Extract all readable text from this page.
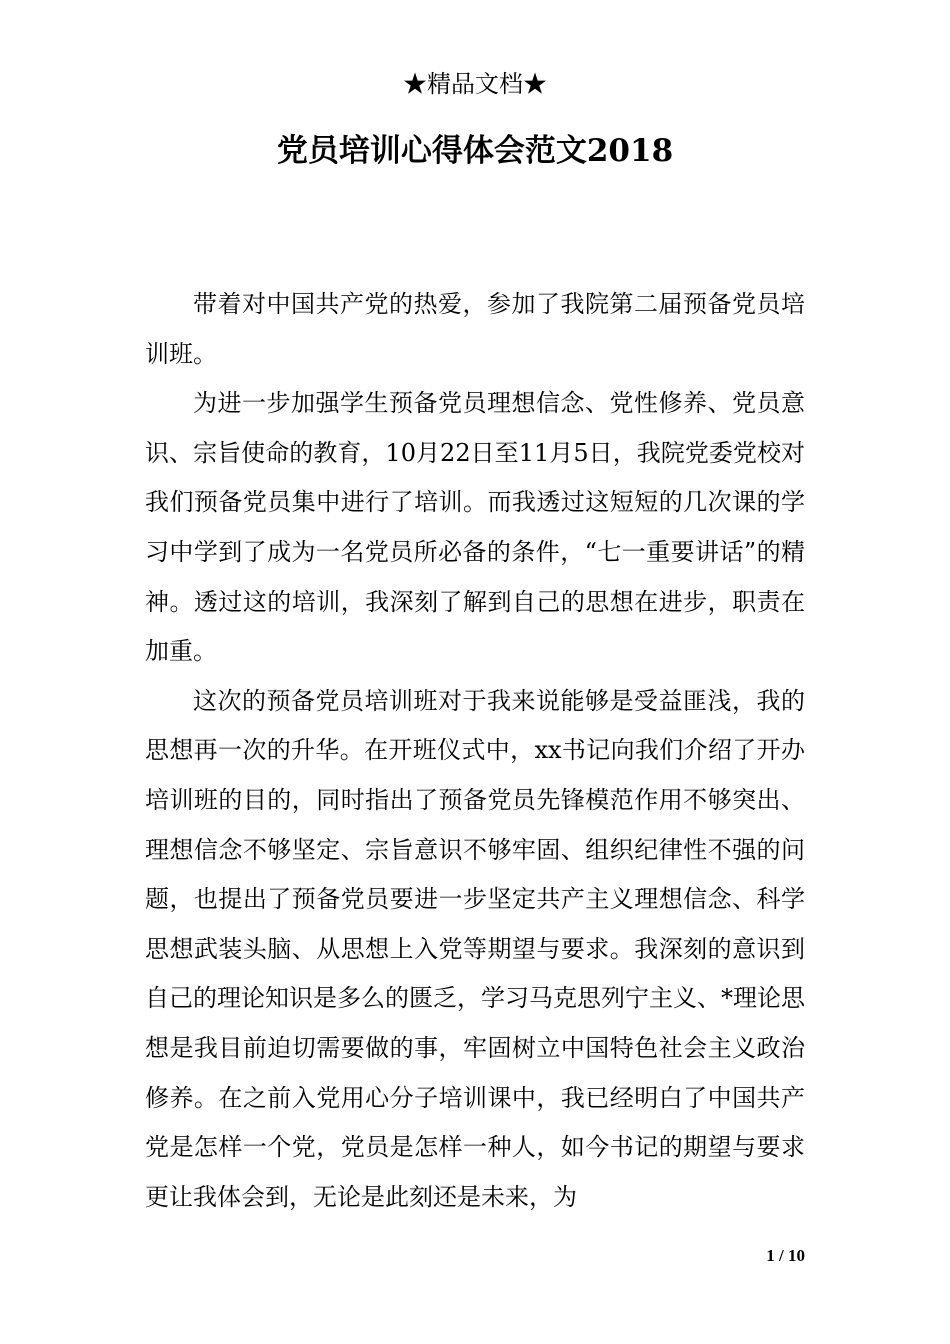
★精品文档★
党员培训心得体会范文2018

带着对中国共产党的热爱，参加了我院第二届预备党员培训班。

为进一步加强学生预备党员理想信念、党性修养、党员意识、宗旨使命的教育，10月22日至11月5日，我院党委党校对我们预备党员集中进行了培训。而我透过这短短的几次课的学习中学到了成为一名党员所必备的条件，“七一重要讲话”的精神。透过这的培训，我深刻了解到自己的思想在进步，职责在加重。

这次的预备党员培训班对于我来说能够是受益匪浅，我的思想再一次的升华。在开班仪式中，xx书记向我们介绍了开办培训班的目的，同时指出了预备党员先锋模范作用不够突出、理想信念不够坚定、宗旨意识不够牢固、组织纪律性不强的问题，也提出了预备党员要进一步坚定共产主义理想信念、科学思想武装头脑、从思想上入党等期望与要求。我深刻的意识到自己的理论知识是多么的匮乏，学习马克思列宁主义、*理论思想是我目前迫切需要做的事，牢固树立中国特色社会主义政治修养。在之前入党用心分子培训课中，我已经明白了中国共产党是怎样一个党，党员是怎样一种人，如今书记的期望与要求更让我体会到，无论是此刻还是未来，为

1 / 10
